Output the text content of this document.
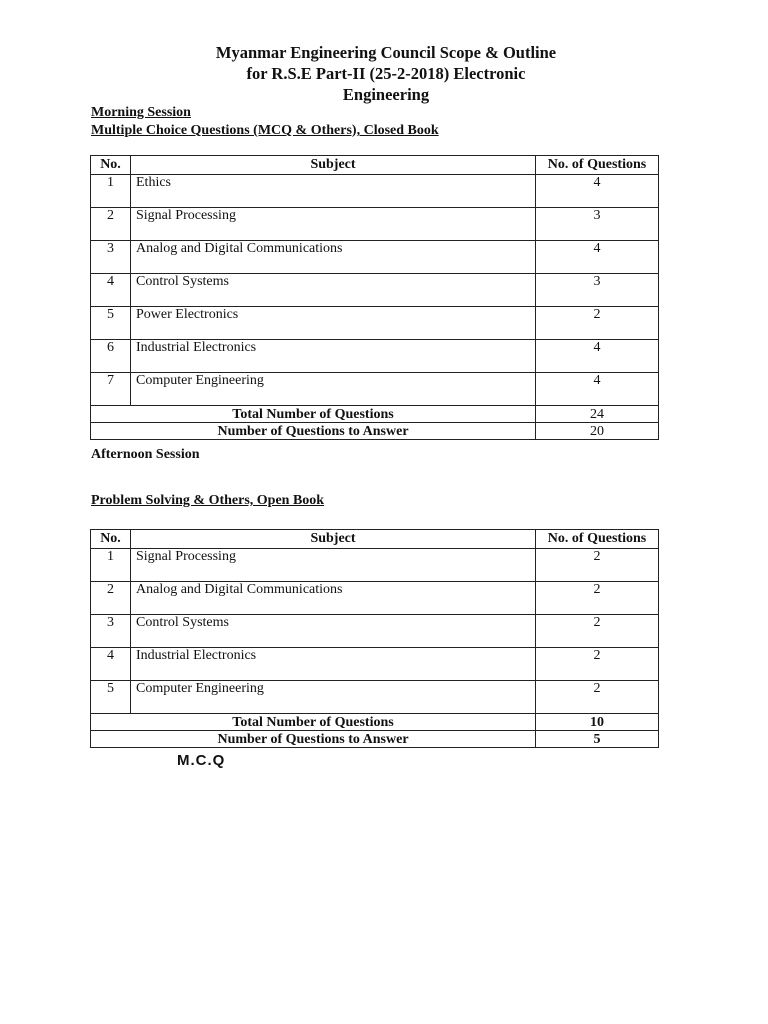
Myanmar Engineering Council Scope & Outline
for R.S.E Part-II (25-2-2018) Electronic
Engineering
Morning Session
Multiple Choice Questions (MCQ & Others), Closed Book
No.	Subject	No. of Questions
1	Ethics	4
2	Signal Processing	3
3	Analog and Digital Communications	4
4	Control Systems	3
5	Power Electronics	2
6	Industrial Electronics	4
7	Computer Engineering	4
Total Number of Questions		24
Number of Questions to Answer		20
Afternoon Session
Problem Solving & Others, Open Book
No.	Subject	No. of Questions
1	Signal Processing	2
2	Analog and Digital Communications	2
3	Control Systems	2
4	Industrial Electronics	2
5	Computer Engineering	2
Total Number of Questions		10
Number of Questions to Answer		5
M.C.Q
